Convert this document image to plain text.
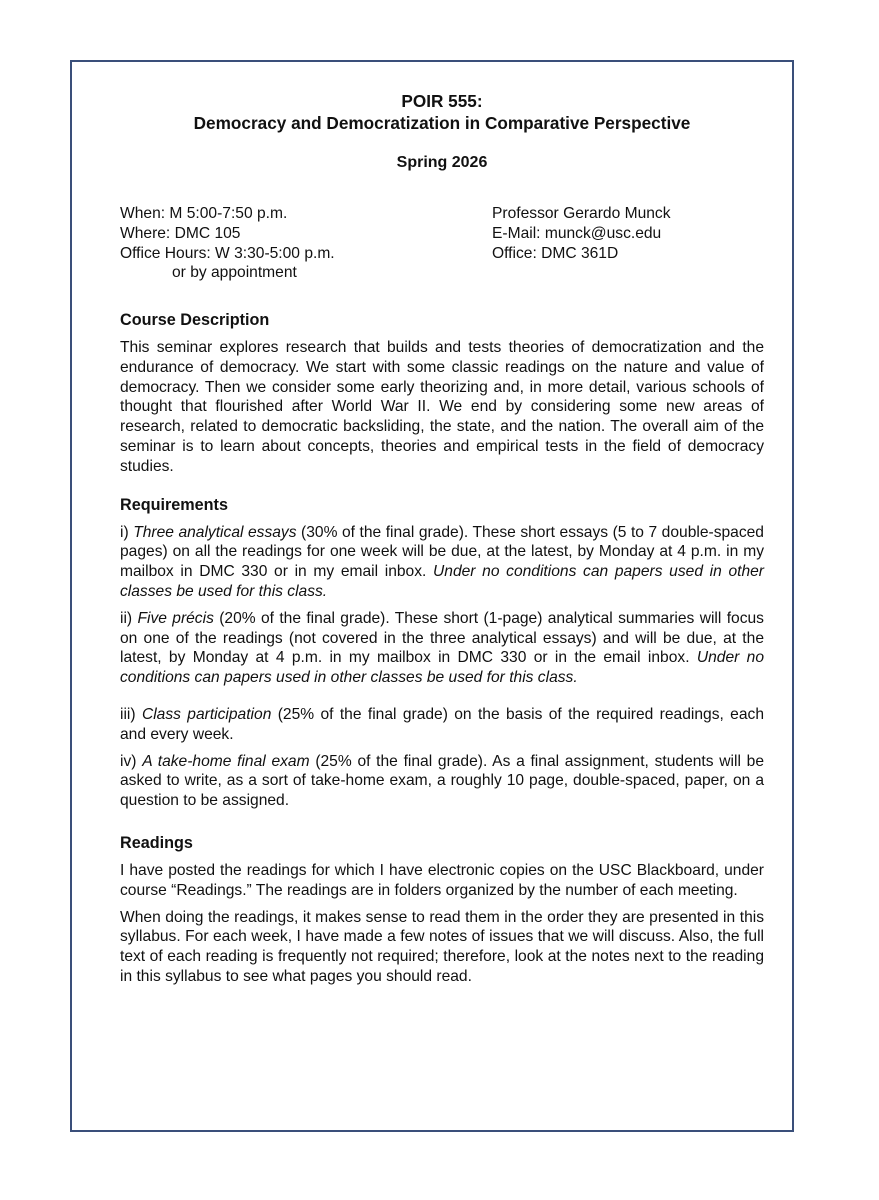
POIR 555:
Democracy and Democratization in Comparative Perspective
Spring 2026
When: M 5:00-7:50 p.m.
Where: DMC 105
Office Hours: W 3:30-5:00 p.m.
or by appointment
Professor Gerardo Munck
E-Mail: munck@usc.edu
Office: DMC 361D
Course Description

This seminar explores research that builds and tests theories of democratization and the endurance of democracy. We start with some classic readings on the nature and value of democracy. Then we consider some early theorizing and, in more detail, various schools of thought that flourished after World War II. We end by considering some new areas of research, related to democratic backsliding, the state, and the nation. The overall aim of the seminar is to learn about concepts, theories and empirical tests in the field of democracy studies.

Requirements

i) Three analytical essays (30% of the final grade). These short essays (5 to 7 double-spaced pages) on all the readings for one week will be due, at the latest, by Monday at 4 p.m. in my mailbox in DMC 330 or in my email inbox. Under no conditions can papers used in other classes be used for this class.

ii) Five précis (20% of the final grade). These short (1-page) analytical summaries will focus on one of the readings (not covered in the three analytical essays) and will be due, at the latest, by Monday at 4 p.m. in my mailbox in DMC 330 or in the email inbox. Under no conditions can papers used in other classes be used for this class.

iii) Class participation (25% of the final grade) on the basis of the required readings, each and every week.

iv) A take-home final exam (25% of the final grade). As a final assignment, students will be asked to write, as a sort of take-home exam, a roughly 10 page, double-spaced, paper, on a question to be assigned.

Readings

I have posted the readings for which I have electronic copies on the USC Blackboard, under course “Readings.” The readings are in folders organized by the number of each meeting.

When doing the readings, it makes sense to read them in the order they are presented in this syllabus. For each week, I have made a few notes of issues that we will discuss. Also, the full text of each reading is frequently not required; therefore, look at the notes next to the reading in this syllabus to see what pages you should read.
